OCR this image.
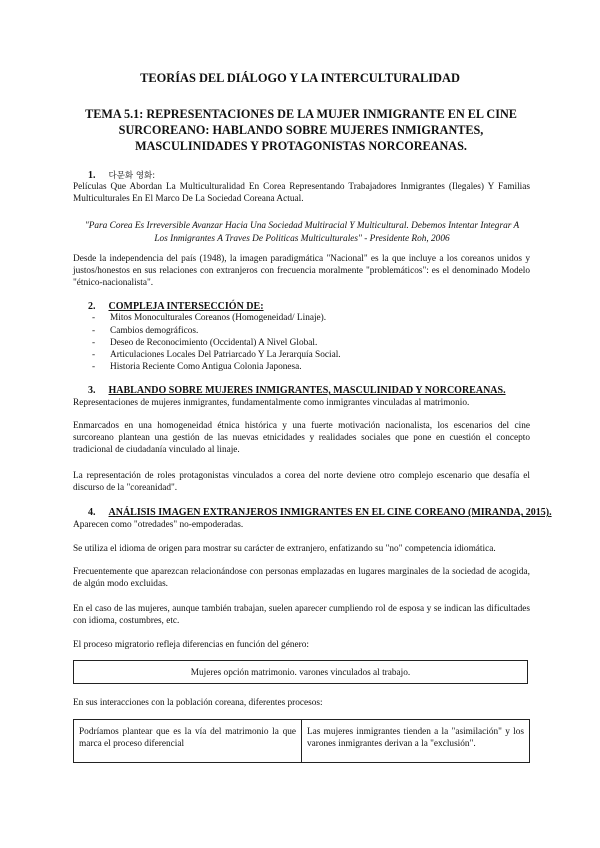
TEORÍAS DEL DIÁLOGO Y LA INTERCULTURALIDAD
TEMA 5.1: REPRESENTACIONES DE LA MUJER INMIGRANTE EN EL CINE
SURCOREANO: HABLANDO SOBRE MUJERES INMIGRANTES,
MASCULINIDADES Y PROTAGONISTAS NORCOREANAS.
1. 다문화 영화:
Películas Que Abordan La Multiculturalidad En Corea Representando Trabajadores Inmigrantes (Ilegales) Y Familias Multiculturales En El Marco De La Sociedad Coreana Actual.
"Para Corea Es Irreversible Avanzar Hacia Una Sociedad Multiracial Y Multicultural. Debemos Intentar Integrar A Los Inmigrantes A Traves De Politicas Multiculturales" - Presidente Roh, 2006
Desde la independencia del país (1948), la imagen paradigmática "Nacional" es la que incluye a los coreanos unidos y justos/honestos en sus relaciones con extranjeros con frecuencia moralmente "problemáticos": es el denominado Modelo "étnico-nacionalista".
2. COMPLEJA INTERSECCIÓN DE:
- Mitos Monoculturales Coreanos (Homogeneidad/ Linaje).
- Cambios demográficos.
- Deseo de Reconocimiento (Occidental) A Nivel Global.
- Articulaciones Locales Del Patriarcado Y La Jerarquía Social.
- Historia Reciente Como Antigua Colonia Japonesa.
3. HABLANDO SOBRE MUJERES INMIGRANTES, MASCULINIDAD Y NORCOREANAS.
Representaciones de mujeres inmigrantes, fundamentalmente como inmigrantes vinculadas al matrimonio.
Enmarcados en una homogeneidad étnica histórica y una fuerte motivación nacionalista, los escenarios del cine surcoreano plantean una gestión de las nuevas etnicidades y realidades sociales que pone en cuestión el concepto tradicional de ciudadanía vinculado al linaje.
La representación de roles protagonistas vinculados a corea del norte deviene otro complejo escenario que desafía el discurso de la "coreanidad".
4. ANÁLISIS IMAGEN EXTRANJEROS INMIGRANTES EN EL CINE COREANO (MIRANDA, 2015).
Aparecen como "otredades" no-empoderadas.
Se utiliza el idioma de origen para mostrar su carácter de extranjero, enfatizando su "no" competencia idiomática.
Frecuentemente que aparezcan relacionándose con personas emplazadas en lugares marginales de la sociedad de acogida, de algún modo excluidas.
En el caso de las mujeres, aunque también trabajan, suelen aparecer cumpliendo rol de esposa y se indican las dificultades con idioma, costumbres, etc.
El proceso migratorio refleja diferencias en función del género:
Mujeres opción matrimonio. varones vinculados al trabajo.
En sus interacciones con la población coreana, diferentes procesos:
Podríamos plantear que es la vía del matrimonio la que marca el proceso diferencial
Las mujeres inmigrantes tienden a la "asimilación" y los varones inmigrantes derivan a la "exclusión".
